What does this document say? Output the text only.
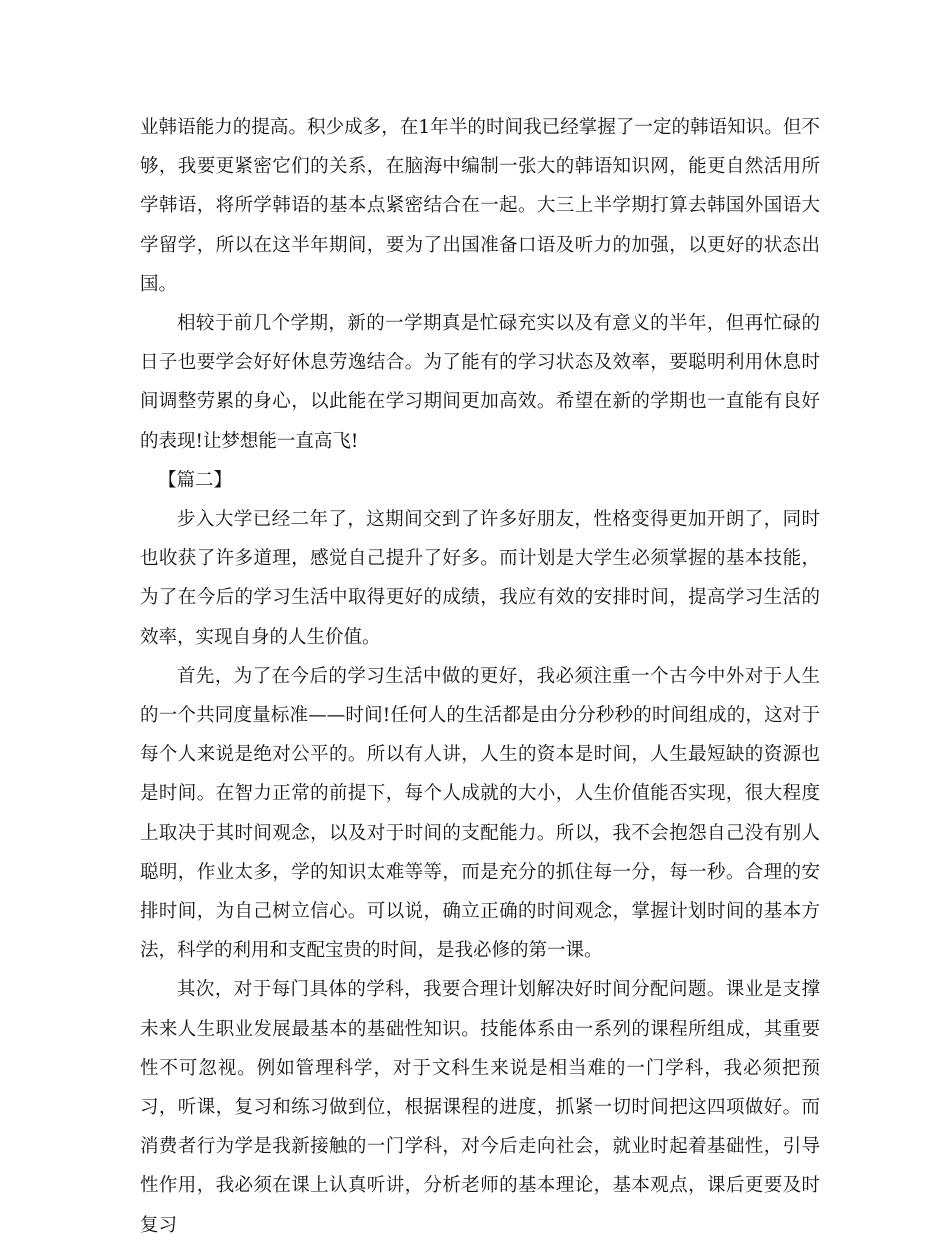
业韩语能力的提高。积少成多，在1年半的时间我已经掌握了一定的韩语知识。但不够，我要更紧密它们的关系，在脑海中编制一张大的韩语知识网，能更自然活用所学韩语，将所学韩语的基本点紧密结合在一起。大三上半学期打算去韩国外国语大学留学，所以在这半年期间，要为了出国准备口语及听力的加强，以更好的状态出国。

相较于前几个学期，新的一学期真是忙碌充实以及有意义的半年，但再忙碌的日子也要学会好好休息劳逸结合。为了能有的学习状态及效率，要聪明利用休息时间调整劳累的身心，以此能在学习期间更加高效。希望在新的学期也一直能有良好的表现!让梦想能一直高飞!

【篇二】

步入大学已经二年了，这期间交到了许多好朋友，性格变得更加开朗了，同时也收获了许多道理，感觉自己提升了好多。而计划是大学生必须掌握的基本技能，为了在今后的学习生活中取得更好的成绩，我应有效的安排时间，提高学习生活的效率，实现自身的人生价值。

首先，为了在今后的学习生活中做的更好，我必须注重一个古今中外对于人生的一个共同度量标准——时间!任何人的生活都是由分分秒秒的时间组成的，这对于每个人来说是绝对公平的。所以有人讲，人生的资本是时间，人生最短缺的资源也是时间。在智力正常的前提下，每个人成就的大小，人生价值能否实现，很大程度上取决于其时间观念，以及对于时间的支配能力。所以，我不会抱怨自己没有别人聪明，作业太多，学的知识太难等等，而是充分的抓住每一分，每一秒。合理的安排时间，为自己树立信心。可以说，确立正确的时间观念，掌握计划时间的基本方法，科学的利用和支配宝贵的时间，是我必修的第一课。

其次，对于每门具体的学科，我要合理计划解决好时间分配问题。课业是支撑未来人生职业发展最基本的基础性知识。技能体系由一系列的课程所组成，其重要性不可忽视。例如管理科学，对于文科生来说是相当难的一门学科，我必须把预习，听课，复习和练习做到位，根据课程的进度，抓紧一切时间把这四项做好。而消费者行为学是我新接触的一门学科，对今后走向社会，就业时起着基础性，引导性作用，我必须在课上认真听讲，分析老师的基本理论，基本观点，课后更要及时复习
